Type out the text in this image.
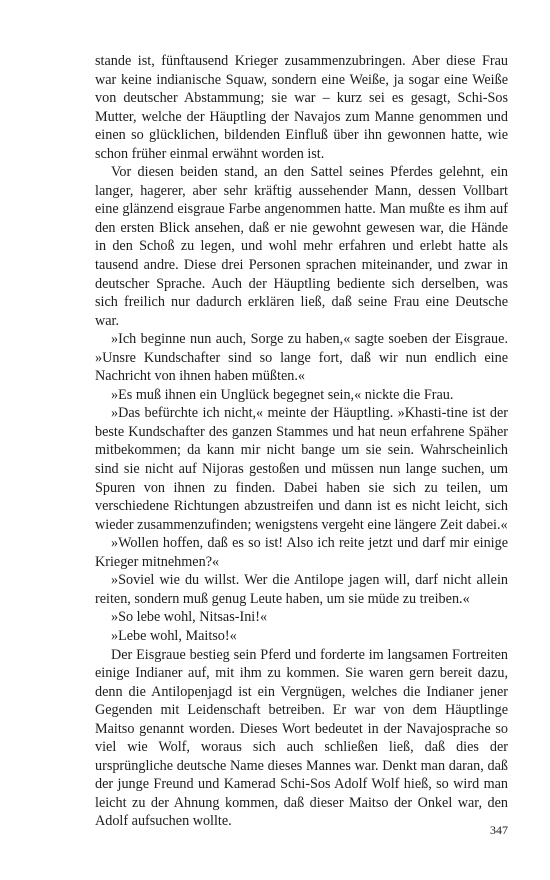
stande ist, fünftausend Krieger zusammenzubringen. Aber diese Frau war keine indianische Squaw, sondern eine Weiße, ja sogar eine Weiße von deutscher Abstammung; sie war – kurz sei es gesagt, Schi-Sos Mutter, welche der Häuptling der Navajos zum Manne genommen und einen so glücklichen, bildenden Einfluß über ihn gewonnen hatte, wie schon früher einmal erwähnt worden ist.

Vor diesen beiden stand, an den Sattel seines Pferdes gelehnt, ein langer, hagerer, aber sehr kräftig aussehender Mann, dessen Vollbart eine glänzend eisgraue Farbe angenommen hatte. Man mußte es ihm auf den ersten Blick ansehen, daß er nie gewohnt gewesen war, die Hände in den Schoß zu legen, und wohl mehr erfahren und erlebt hatte als tausend andre. Diese drei Personen sprachen miteinander, und zwar in deutscher Sprache. Auch der Häuptling bediente sich derselben, was sich freilich nur dadurch erklären ließ, daß seine Frau eine Deutsche war.

»Ich beginne nun auch, Sorge zu haben,« sagte soeben der Eisgraue. »Unsre Kundschafter sind so lange fort, daß wir nun endlich eine Nachricht von ihnen haben müßten.«

»Es muß ihnen ein Unglück begegnet sein,« nickte die Frau.

»Das befürchte ich nicht,« meinte der Häuptling. »Khasti-tine ist der beste Kundschafter des ganzen Stammes und hat neun erfahrene Späher mitbekommen; da kann mir nicht bange um sie sein. Wahrscheinlich sind sie nicht auf Nijoras gestoßen und müssen nun lange suchen, um Spuren von ihnen zu finden. Dabei haben sie sich zu teilen, um verschiedene Richtungen abzustreifen und dann ist es nicht leicht, sich wieder zusammenzufinden; wenigstens vergeht eine längere Zeit dabei.«

»Wollen hoffen, daß es so ist! Also ich reite jetzt und darf mir einige Krieger mitnehmen?«

»Soviel wie du willst. Wer die Antilope jagen will, darf nicht allein reiten, sondern muß genug Leute haben, um sie müde zu treiben.«

»So lebe wohl, Nitsas-Ini!«

»Lebe wohl, Maitso!«

Der Eisgraue bestieg sein Pferd und forderte im langsamen Fortreiten einige Indianer auf, mit ihm zu kommen. Sie waren gern bereit dazu, denn die Antilopenjagd ist ein Vergnügen, welches die Indianer jener Gegenden mit Leidenschaft betreiben. Er war von dem Häuptlinge Maitso genannt worden. Dieses Wort bedeutet in der Navajosprache so viel wie Wolf, woraus sich auch schließen ließ, daß dies der ursprüngliche deutsche Name dieses Mannes war. Denkt man daran, daß der junge Freund und Kamerad Schi-Sos Adolf Wolf hieß, so wird man leicht zu der Ahnung kommen, daß dieser Maitso der Onkel war, den Adolf aufsuchen wollte.

347
